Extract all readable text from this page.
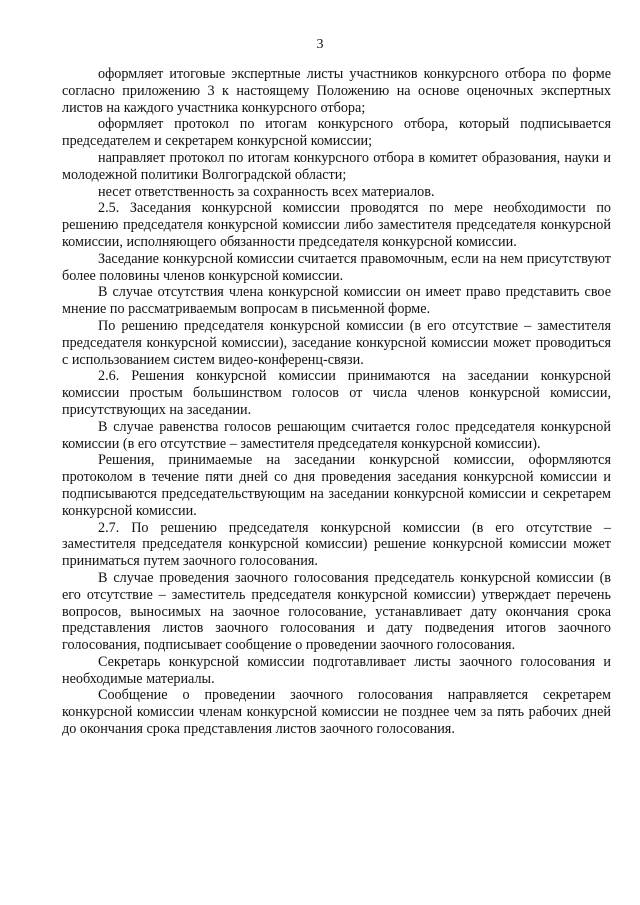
3

оформляет итоговые экспертные листы участников конкурсного отбора по форме согласно приложению 3 к настоящему Положению на основе оценочных экспертных листов на каждого участника конкурсного отбора;

оформляет протокол по итогам конкурсного отбора, который подписывается председателем и секретарем конкурсной комиссии;

направляет протокол по итогам конкурсного отбора в комитет образования, науки и молодежной политики Волгоградской области;

несет ответственность за сохранность всех материалов.

2.5. Заседания конкурсной комиссии проводятся по мере необходимости по решению председателя конкурсной комиссии либо заместителя председателя конкурсной комиссии, исполняющего обязанности председателя конкурсной комиссии.

Заседание конкурсной комиссии считается правомочным, если на нем присутствуют более половины членов конкурсной комиссии.

В случае отсутствия члена конкурсной комиссии он имеет право представить свое мнение по рассматриваемым вопросам в письменной форме.

По решению председателя конкурсной комиссии (в его отсутствие – заместителя председателя конкурсной комиссии), заседание конкурсной комиссии может проводиться с использованием систем видео-конференц-связи.

2.6. Решения конкурсной комиссии принимаются на заседании конкурсной комиссии простым большинством голосов от числа членов конкурсной комиссии, присутствующих на заседании.

В случае равенства голосов решающим считается голос председателя конкурсной комиссии (в его отсутствие – заместителя председателя конкурсной комиссии).

Решения, принимаемые на заседании конкурсной комиссии, оформляются протоколом в течение пяти дней со дня проведения заседания конкурсной комиссии и подписываются председательствующим на заседании конкурсной комиссии и секретарем конкурсной комиссии.

2.7. По решению председателя конкурсной комиссии (в его отсутствие – заместителя председателя конкурсной комиссии) решение конкурсной комиссии может приниматься путем заочного голосования.

В случае проведения заочного голосования председатель конкурсной комиссии (в его отсутствие – заместитель председателя конкурсной комиссии) утверждает перечень вопросов, выносимых на заочное голосование, устанавливает дату окончания срока представления листов заочного голосования и дату подведения итогов заочного голосования, подписывает сообщение о проведении заочного голосования.

Секретарь конкурсной комиссии подготавливает листы заочного голосования и необходимые материалы.

Сообщение о проведении заочного голосования направляется секретарем конкурсной комиссии членам конкурсной комиссии не позднее чем за пять рабочих дней до окончания срока представления листов заочного голосования.
